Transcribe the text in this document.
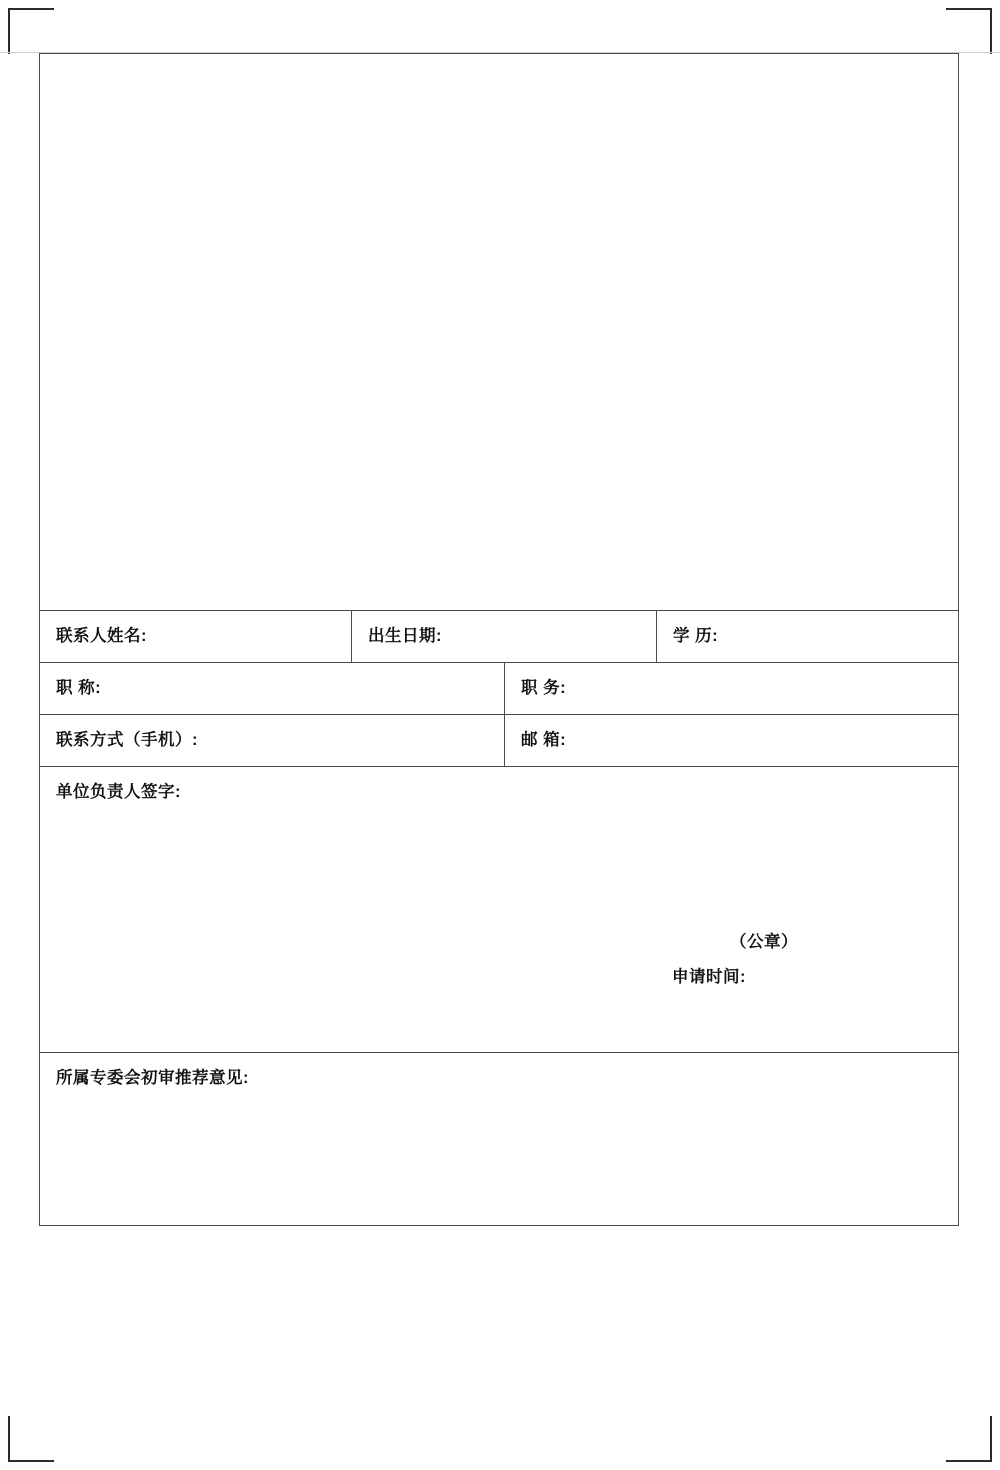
联系人姓名:	出生日期:	学 历:
职 称:	职 务:
联系方式（手机）:	邮 箱:
单位负责人签字:
（公章）
申请时间:
所属专委会初审推荐意见:
